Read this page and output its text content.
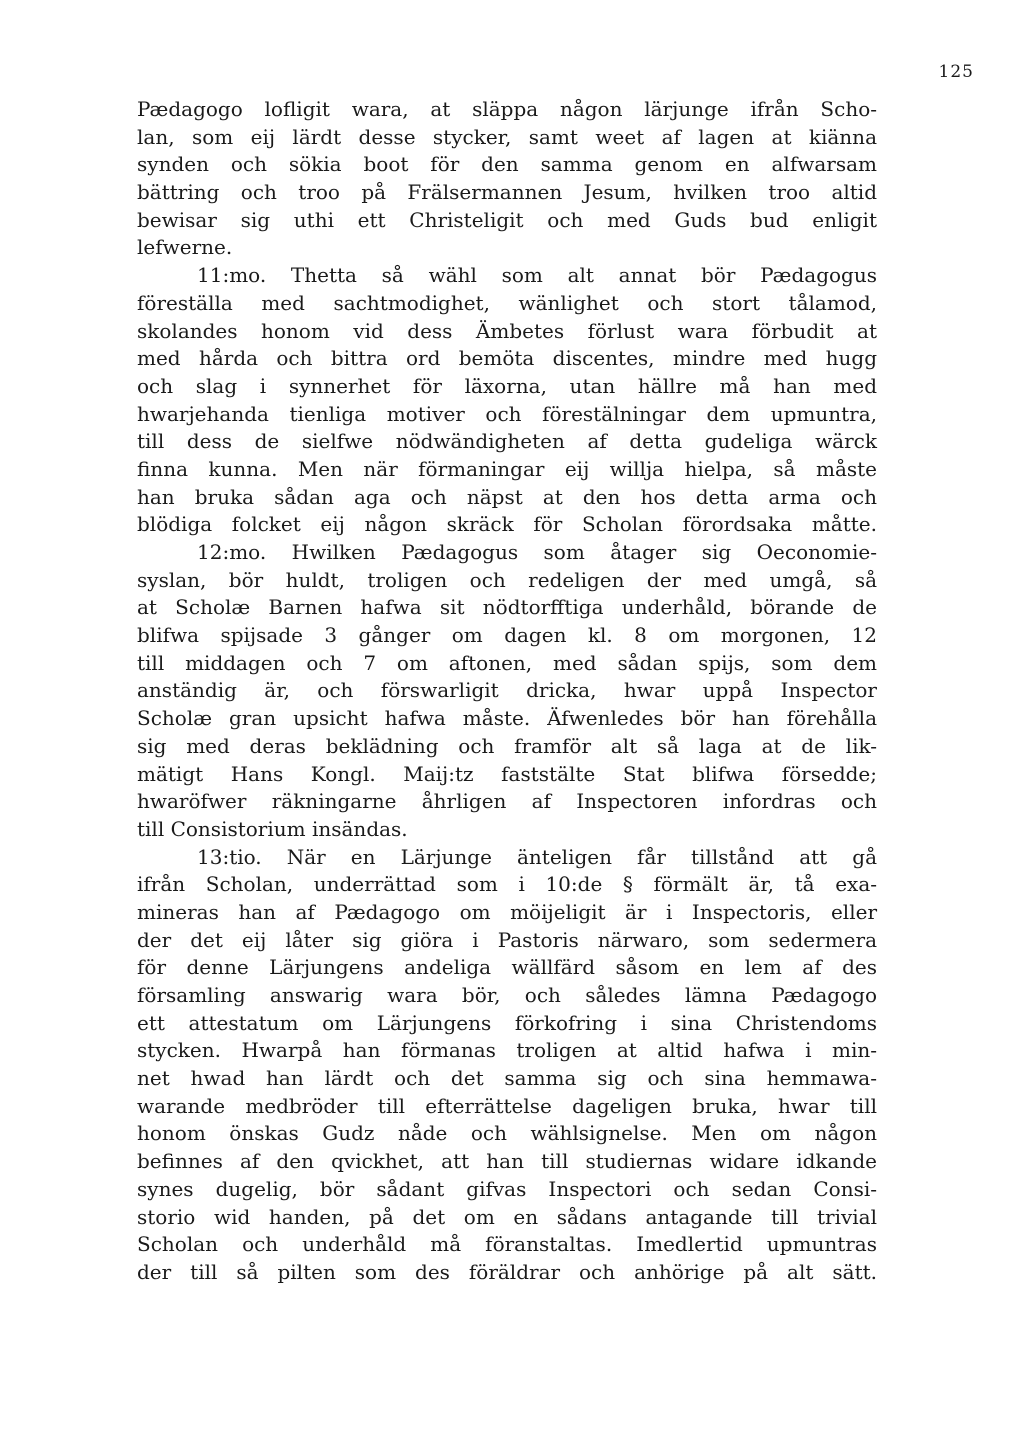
125
Pædagogo lofligit wara, at släppa någon lärjunge ifrån Scho-
lan, som eij lärdt desse stycker, samt weet af lagen at kiänna
synden och sökia boot för den samma genom en alfwarsam
bättring och troo på Frälsermannen Jesum, hvilken troo altid
bewisar sig uthi ett Christeligit och med Guds bud enligit
lefwerne.
11:mo. Thetta så wähl som alt annat bör Pædagogus
föreställa med sachtmodighet, wänlighet och stort tålamod,
skolandes honom vid dess Ämbetes förlust wara förbudit at
med hårda och bittra ord bemöta discentes, mindre med hugg
och slag i synnerhet för läxorna, utan hällre må han med
hwarjehanda tienliga motiver och förestälningar dem upmuntra,
till dess de sielfwe nödwändigheten af detta gudeliga wärck
finna kunna. Men när förmaningar eij willja hielpa, så måste
han bruka sådan aga och näpst at den hos detta arma och
blödiga folcket eij någon skräck för Scholan förordsaka måtte.
12:mo. Hwilken Pædagogus som åtager sig Oeconomie-
syslan, bör huldt, troligen och redeligen der med umgå, så
at Scholæ Barnen hafwa sit nödtorfftiga underhåld, börande de
blifwa spijsade 3 gånger om dagen kl. 8 om morgonen, 12
till middagen och 7 om aftonen, med sådan spijs, som dem
anständig är, och förswarligit dricka, hwar uppå Inspector
Scholæ gran upsicht hafwa måste. Äfwenledes bör han förehålla
sig med deras beklädning och framför alt så laga at de lik-
mätigt Hans Kongl. Maij:tz faststälte Stat blifwa försedde;
hwaröfwer räkningarne åhrligen af Inspectoren infordras och
till Consistorium insändas.
13:tio. När en Lärjunge änteligen får tillstånd att gå
ifrån Scholan, underrättad som i 10:de § förmält är, tå exa-
mineras han af Pædagogo om möijeligit är i Inspectoris, eller
der det eij låter sig giöra i Pastoris närwaro, som sedermera
för denne Lärjungens andeliga wällfärd såsom en lem af des
församling answarig wara bör, och således lämna Pædagogo
ett attestatum om Lärjungens förkofring i sina Christendoms
stycken. Hwarpå han förmanas troligen at altid hafwa i min-
net hwad han lärdt och det samma sig och sina hemmawa-
warande medbröder till efterrättelse dageligen bruka, hwar till
honom önskas Gudz nåde och wählsignelse. Men om någon
befinnes af den qvickhet, att han till studiernas widare idkande
synes dugelig, bör sådant gifvas Inspectori och sedan Consi-
storio wid handen, på det om en sådans antagande till trivial
Scholan och underhåld må föranstaltas. Imedlertid upmuntras
der till så pilten som des föräldrar och anhörige på alt sätt.
